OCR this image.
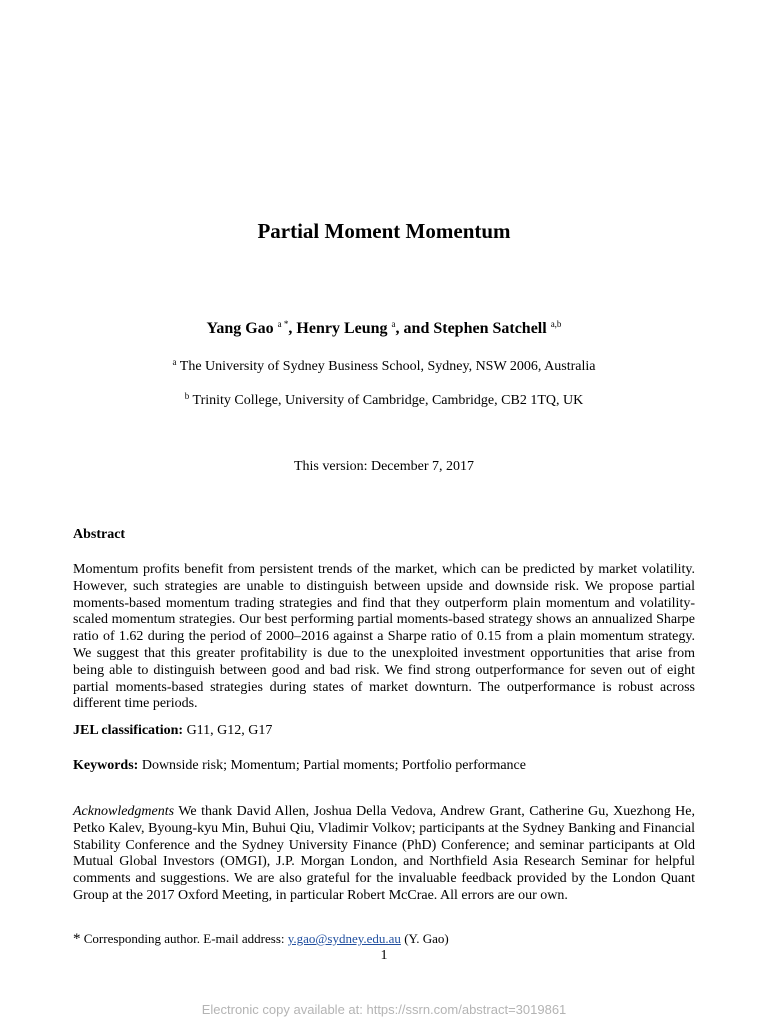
Partial Moment Momentum
Yang Gao $^{a *}$, Henry Leung $^a$, and Stephen Satchell $^{a,b}$
$^a$ The University of Sydney Business School, Sydney, NSW 2006, Australia
$^b$ Trinity College, University of Cambridge, Cambridge, CB2 1TQ, UK
This version: December 7, 2017
Abstract
Momentum profits benefit from persistent trends of the market, which can be predicted by market volatility. However, such strategies are unable to distinguish between upside and downside risk. We propose partial moments-based momentum trading strategies and find that they outperform plain momentum and volatility-scaled momentum strategies. Our best performing partial moments-based strategy shows an annualized Sharpe ratio of 1.62 during the period of 2000–2016 against a Sharpe ratio of 0.15 from a plain momentum strategy. We suggest that this greater profitability is due to the unexploited investment opportunities that arise from being able to distinguish between good and bad risk. We find strong outperformance for seven out of eight partial moments-based strategies during states of market downturn. The outperformance is robust across different time periods.
JEL classification: G11, G12, G17
Keywords: Downside risk; Momentum; Partial moments; Portfolio performance
Acknowledgments We thank David Allen, Joshua Della Vedova, Andrew Grant, Catherine Gu, Xuezhong He, Petko Kalev, Byoung-kyu Min, Buhui Qiu, Vladimir Volkov; participants at the Sydney Banking and Financial Stability Conference and the Sydney University Finance (PhD) Conference; and seminar participants at Old Mutual Global Investors (OMGI), J.P. Morgan London, and Northfield Asia Research Seminar for helpful comments and suggestions. We are also grateful for the invaluable feedback provided by the London Quant Group at the 2017 Oxford Meeting, in particular Robert McCrae. All errors are our own.
* Corresponding author. E-mail address: y.gao@sydney.edu.au (Y. Gao)
1
Electronic copy available at: https://ssrn.com/abstract=3019861
